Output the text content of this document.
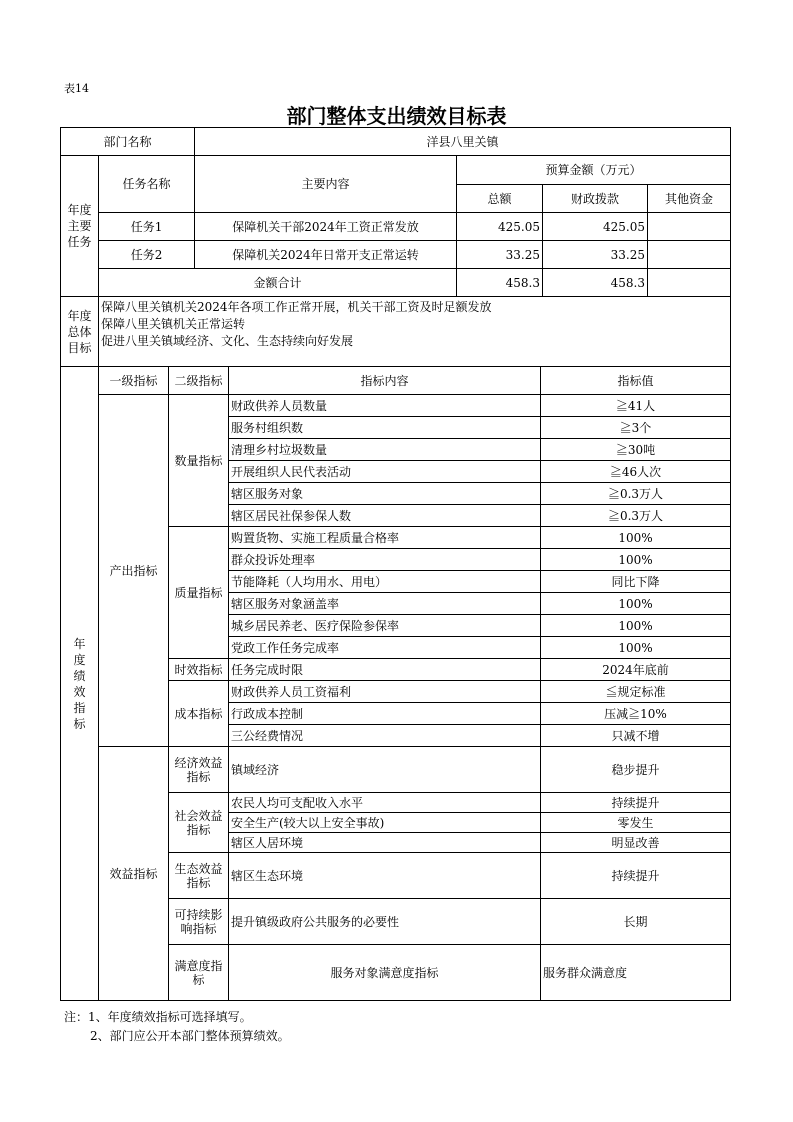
表14
部门整体支出绩效目标表
部门名称		洋县八里关镇			
年度主要任务	任务名称	主要内容	预算金额（万元）		
			总额	财政拨款	其他资金
	任务1	保障机关干部2024年工资正常发放	425.05	425.05	
	任务2	保障机关2024年日常开支正常运转	33.25	33.25	
	金额合计		458.3	458.3	
年度总体目标	保障八里关镇机关2024年各项工作正常开展，机关干部工资及时足额发放
保障八里关镇机关正常运转
促进八里关镇域经济、文化、生态持续向好发展				
年度绩效指标	一级指标	二级指标	指标内容	指标值	
	产出指标	数量指标	财政供养人员数量	≧41人	
			服务村组织数	≧3个	
			清理乡村垃圾数量	≧30吨	
			开展组织人民代表活动	≧46人次	
			辖区服务对象	≧0.3万人	
			辖区居民社保参保人数	≧0.3万人	
		质量指标	购置货物、实施工程质量合格率	100%	
			群众投诉处理率	100%	
			节能降耗（人均用水、用电）	同比下降	
			辖区服务对象涵盖率	100%	
			城乡居民养老、医疗保险参保率	100%	
			党政工作任务完成率	100%	
		时效指标	任务完成时限	2024年底前	
		成本指标	财政供养人员工资福利	≦规定标准	
			行政成本控制	压减≧10%	
			三公经费情况	只减不增	
	效益指标	经济效益指标	镇域经济	稳步提升	
		社会效益指标	农民人均可支配收入水平	持续提升	
			安全生产(较大以上安全事故)	零发生	
			辖区人居环境	明显改善	
		生态效益指标	辖区生态环境	持续提升	
		可持续影响指标	提升镇级政府公共服务的必要性	长期	
		满意度指标	服务对象满意度指标	服务群众满意度	
注：1、年度绩效指标可选择填写。
2、部门应公开本部门整体预算绩效。
